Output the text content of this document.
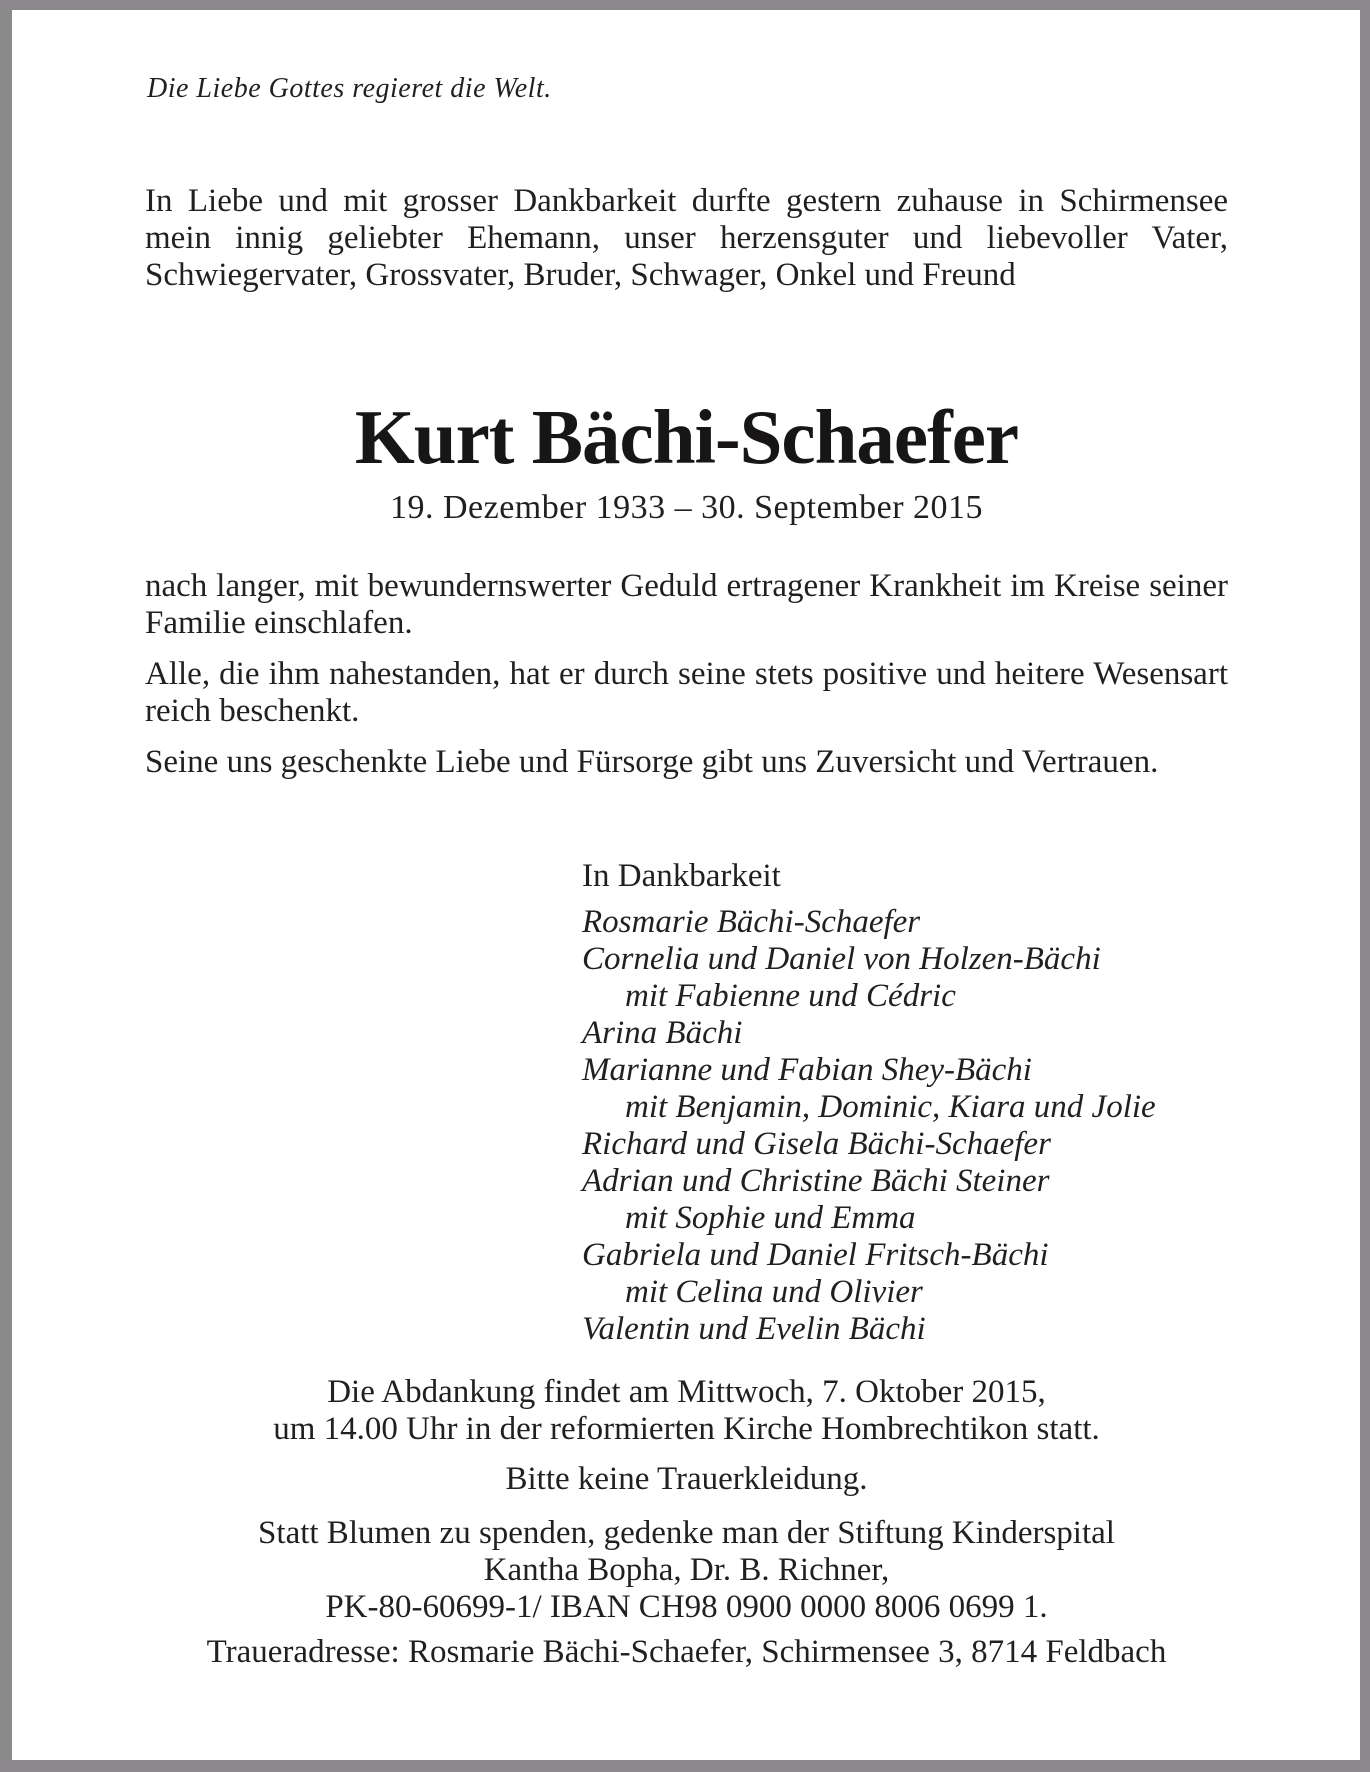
Die Liebe Gottes regieret die Welt.
In Liebe und mit grosser Dankbarkeit durfte gestern zuhause in Schirmensee mein innig geliebter Ehemann, unser herzensguter und liebevoller Vater, Schwiegervater, Grossvater, Bruder, Schwager, Onkel und Freund
Kurt Bächi-Schaefer
19. Dezember 1933 – 30. September 2015

nach langer, mit bewundernswerter Geduld ertragener Krankheit im Kreise seiner Familie einschlafen.

Alle, die ihm nahestanden, hat er durch seine stets positive und heitere Wesensart reich beschenkt.

Seine uns geschenkte Liebe und Fürsorge gibt uns Zuversicht und Vertrauen.

In Dankbarkeit
Rosmarie Bächi-Schaefer
Cornelia und Daniel von Holzen-Bächi
mit Fabienne und Cédric
Arina Bächi
Marianne und Fabian Shey-Bächi
mit Benjamin, Dominic, Kiara und Jolie
Richard und Gisela Bächi-Schaefer
Adrian und Christine Bächi Steiner
mit Sophie und Emma
Gabriela und Daniel Fritsch-Bächi
mit Celina und Olivier
Valentin und Evelin Bächi
Die Abdankung findet am Mittwoch, 7. Oktober 2015,
um 14.00 Uhr in der reformierten Kirche Hombrechtikon statt.
Bitte keine Trauerkleidung.
Statt Blumen zu spenden, gedenke man der Stiftung Kinderspital
Kantha Bopha, Dr. B. Richner,
PK-80-60699-1/ IBAN CH98 0900 0000 8006 0699 1.
Traueradresse: Rosmarie Bächi-Schaefer, Schirmensee 3, 8714 Feldbach
